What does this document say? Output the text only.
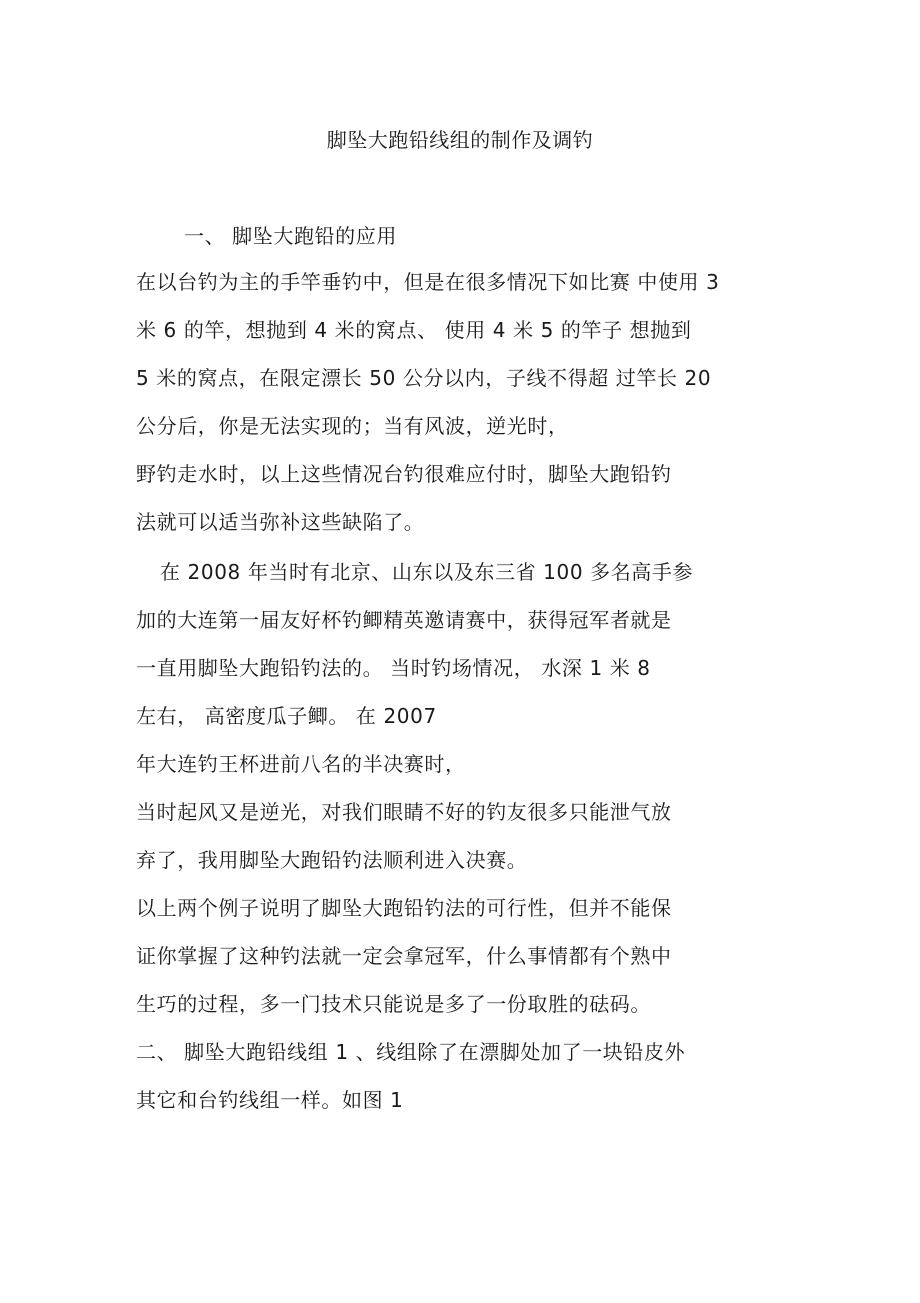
脚坠大跑铅线组的制作及调钓
一、 脚坠大跑铅的应用
在以台钓为主的手竿垂钓中，但是在很多情况下如比赛 中使用 3
米 6 的竿，想抛到 4 米的窝点、 使用 4 米 5 的竿子 想抛到
5 米的窝点，在限定漂长 50 公分以内，子线不得超 过竿长 20
公分后，你是无法实现的；当有风波，逆光时，
野钓走水时，以上这些情况台钓很难应付时，脚坠大跑铅钓
法就可以适当弥补这些缺陷了。
在 2008 年当时有北京、山东以及东三省 100 多名高手参
加的大连第一届友好杯钓鲫精英邀请赛中，获得冠军者就是
一直用脚坠大跑铅钓法的。 当时钓场情况， 水深 1 米 8
左右， 高密度瓜子鲫。 在 2007
年大连钓王杯进前八名的半决赛时，
当时起风又是逆光，对我们眼睛不好的钓友很多只能泄气放
弃了，我用脚坠大跑铅钓法顺利进入决赛。
以上两个例子说明了脚坠大跑铅钓法的可行性，但并不能保
证你掌握了这种钓法就一定会拿冠军，什么事情都有个熟中
生巧的过程，多一门技术只能说是多了一份取胜的砝码。
二、 脚坠大跑铅线组 1 、线组除了在漂脚处加了一块铅皮外
其它和台钓线组一样。如图 1
